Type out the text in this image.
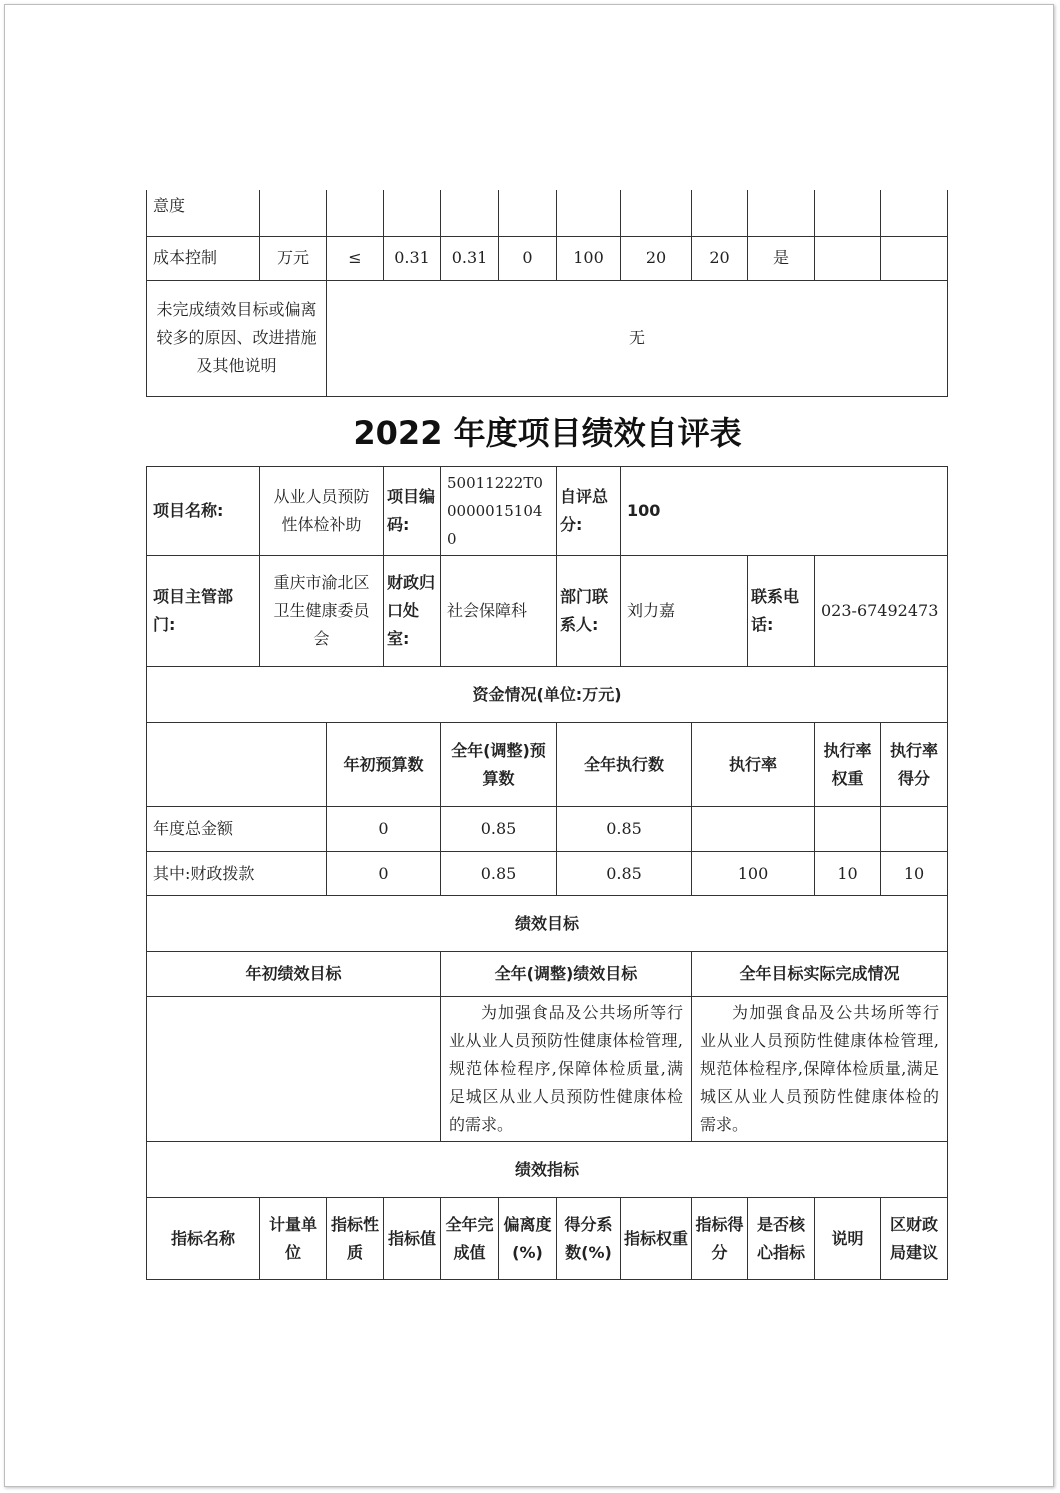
意度											
成本控制	万元	≤	0.31	0.31	0	100	20	20	是		
未完成绩效目标或偏离较多的原因、改进措施及其他说明		无									
2022 年度项目绩效自评表
项目名称:	从业人员预防性体检补助		项目编码:	50011222T000000151040		自评总分:	100				
项目主管部门:	重庆市渝北区卫生健康委员会		财政归口处室:	社会保障科		部门联系人:	刘力嘉		联系电话:	023-67492473	
资金情况(单位:万元)											
		年初预算数		全年(调整)预算数		全年执行数		执行率		执行率权重	执行率得分
年度总金额		0		0.85		0.85					
其中:财政拨款		0		0.85		0.85		100		10	10
绩效目标											
年初绩效目标				全年(调整)绩效目标				全年目标实际完成情况			
				为加强食品及公共场所等行业从业人员预防性健康体检管理,规范体检程序,保障体检质量,满足城区从业人员预防性健康体检的需求。				为加强食品及公共场所等行业从业人员预防性健康体检管理,规范体检程序,保障体检质量,满足城区从业人员预防性健康体检的需求。			
绩效指标											
指标名称	计量单位	指标性质	指标值	全年完成值	偏离度(%)	得分系数(%)	指标权重	指标得分	是否核心指标	说明	区财政局建议
